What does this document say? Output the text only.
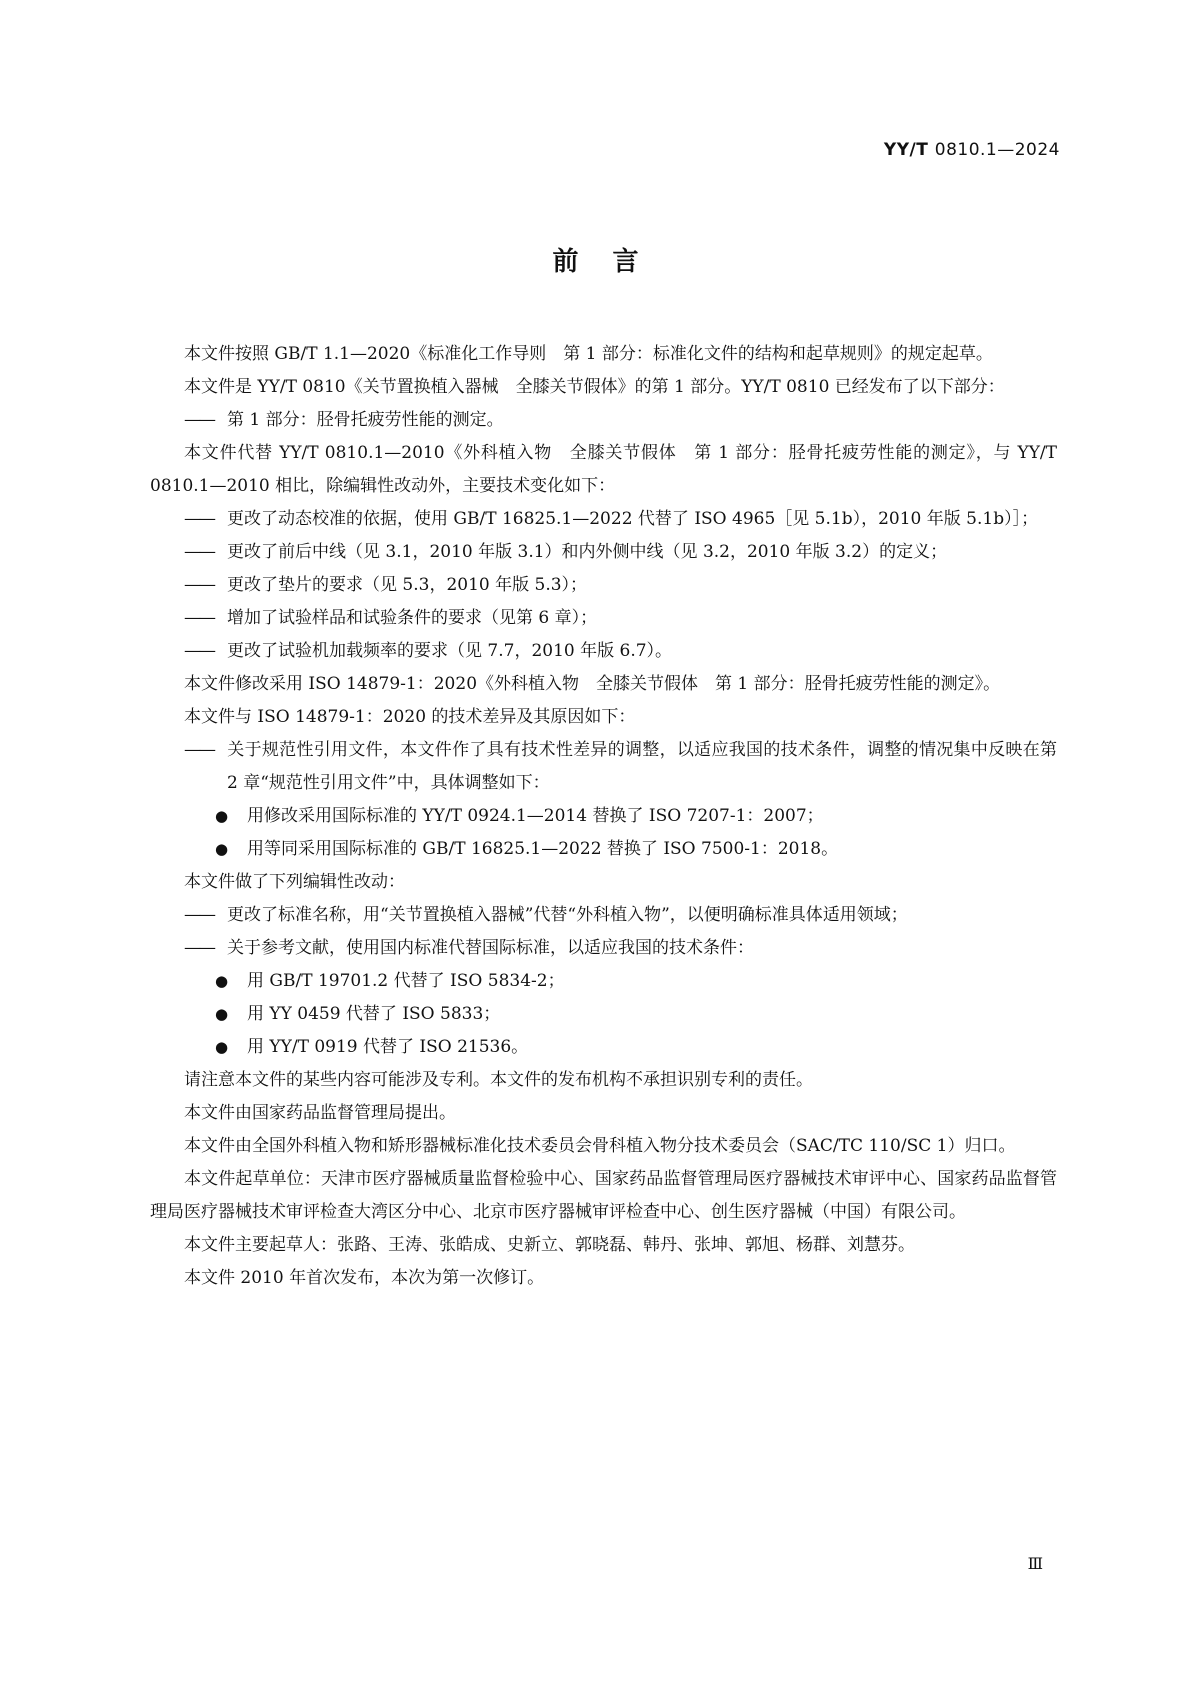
YY/T 0810.1—2024
前言
本文件按照 GB/T 1.1—2020《标准化工作导则　第 1 部分：标准化文件的结构和起草规则》的规定起草。
本文件是 YY/T 0810《关节置换植入器械　全膝关节假体》的第 1 部分。YY/T 0810 已经发布了以下部分：
—— 第 1 部分：胫骨托疲劳性能的测定。
本文件代替 YY/T 0810.1—2010《外科植入物　全膝关节假体　第 1 部分：胫骨托疲劳性能的测定》，与 YY/T 0810.1—2010 相比，除编辑性改动外，主要技术变化如下：
—— 更改了动态校准的依据，使用 GB/T 16825.1—2022 代替了 ISO 4965［见 5.1b），2010 年版 5.1b）］；
—— 更改了前后中线（见 3.1，2010 年版 3.1）和内外侧中线（见 3.2，2010 年版 3.2）的定义；
—— 更改了垫片的要求（见 5.3，2010 年版 5.3）；
—— 增加了试验样品和试验条件的要求（见第 6 章）；
—— 更改了试验机加载频率的要求（见 7.7，2010 年版 6.7）。
本文件修改采用 ISO 14879-1：2020《外科植入物　全膝关节假体　第 1 部分：胫骨托疲劳性能的测定》。
本文件与 ISO 14879-1：2020 的技术差异及其原因如下：
—— 关于规范性引用文件，本文件作了具有技术性差异的调整，以适应我国的技术条件，调整的情况集中反映在第 2 章“规范性引用文件”中，具体调整如下：
● 用修改采用国际标准的 YY/T 0924.1—2014 替换了 ISO 7207-1：2007；
● 用等同采用国际标准的 GB/T 16825.1—2022 替换了 ISO 7500-1：2018。
本文件做了下列编辑性改动：
—— 更改了标准名称，用“关节置换植入器械”代替“外科植入物”，以便明确标准具体适用领域；
—— 关于参考文献，使用国内标准代替国际标准，以适应我国的技术条件：
● 用 GB/T 19701.2 代替了 ISO 5834-2；
● 用 YY 0459 代替了 ISO 5833；
● 用 YY/T 0919 代替了 ISO 21536。
请注意本文件的某些内容可能涉及专利。本文件的发布机构不承担识别专利的责任。
本文件由国家药品监督管理局提出。
本文件由全国外科植入物和矫形器械标准化技术委员会骨科植入物分技术委员会（SAC/TC 110/SC 1）归口。
本文件起草单位：天津市医疗器械质量监督检验中心、国家药品监督管理局医疗器械技术审评中心、国家药品监督管理局医疗器械技术审评检查大湾区分中心、北京市医疗器械审评检查中心、创生医疗器械（中国）有限公司。
本文件主要起草人：张路、王涛、张皓成、史新立、郭晓磊、韩丹、张坤、郭旭、杨群、刘慧芬。
本文件 2010 年首次发布，本次为第一次修订。
Ⅲ
